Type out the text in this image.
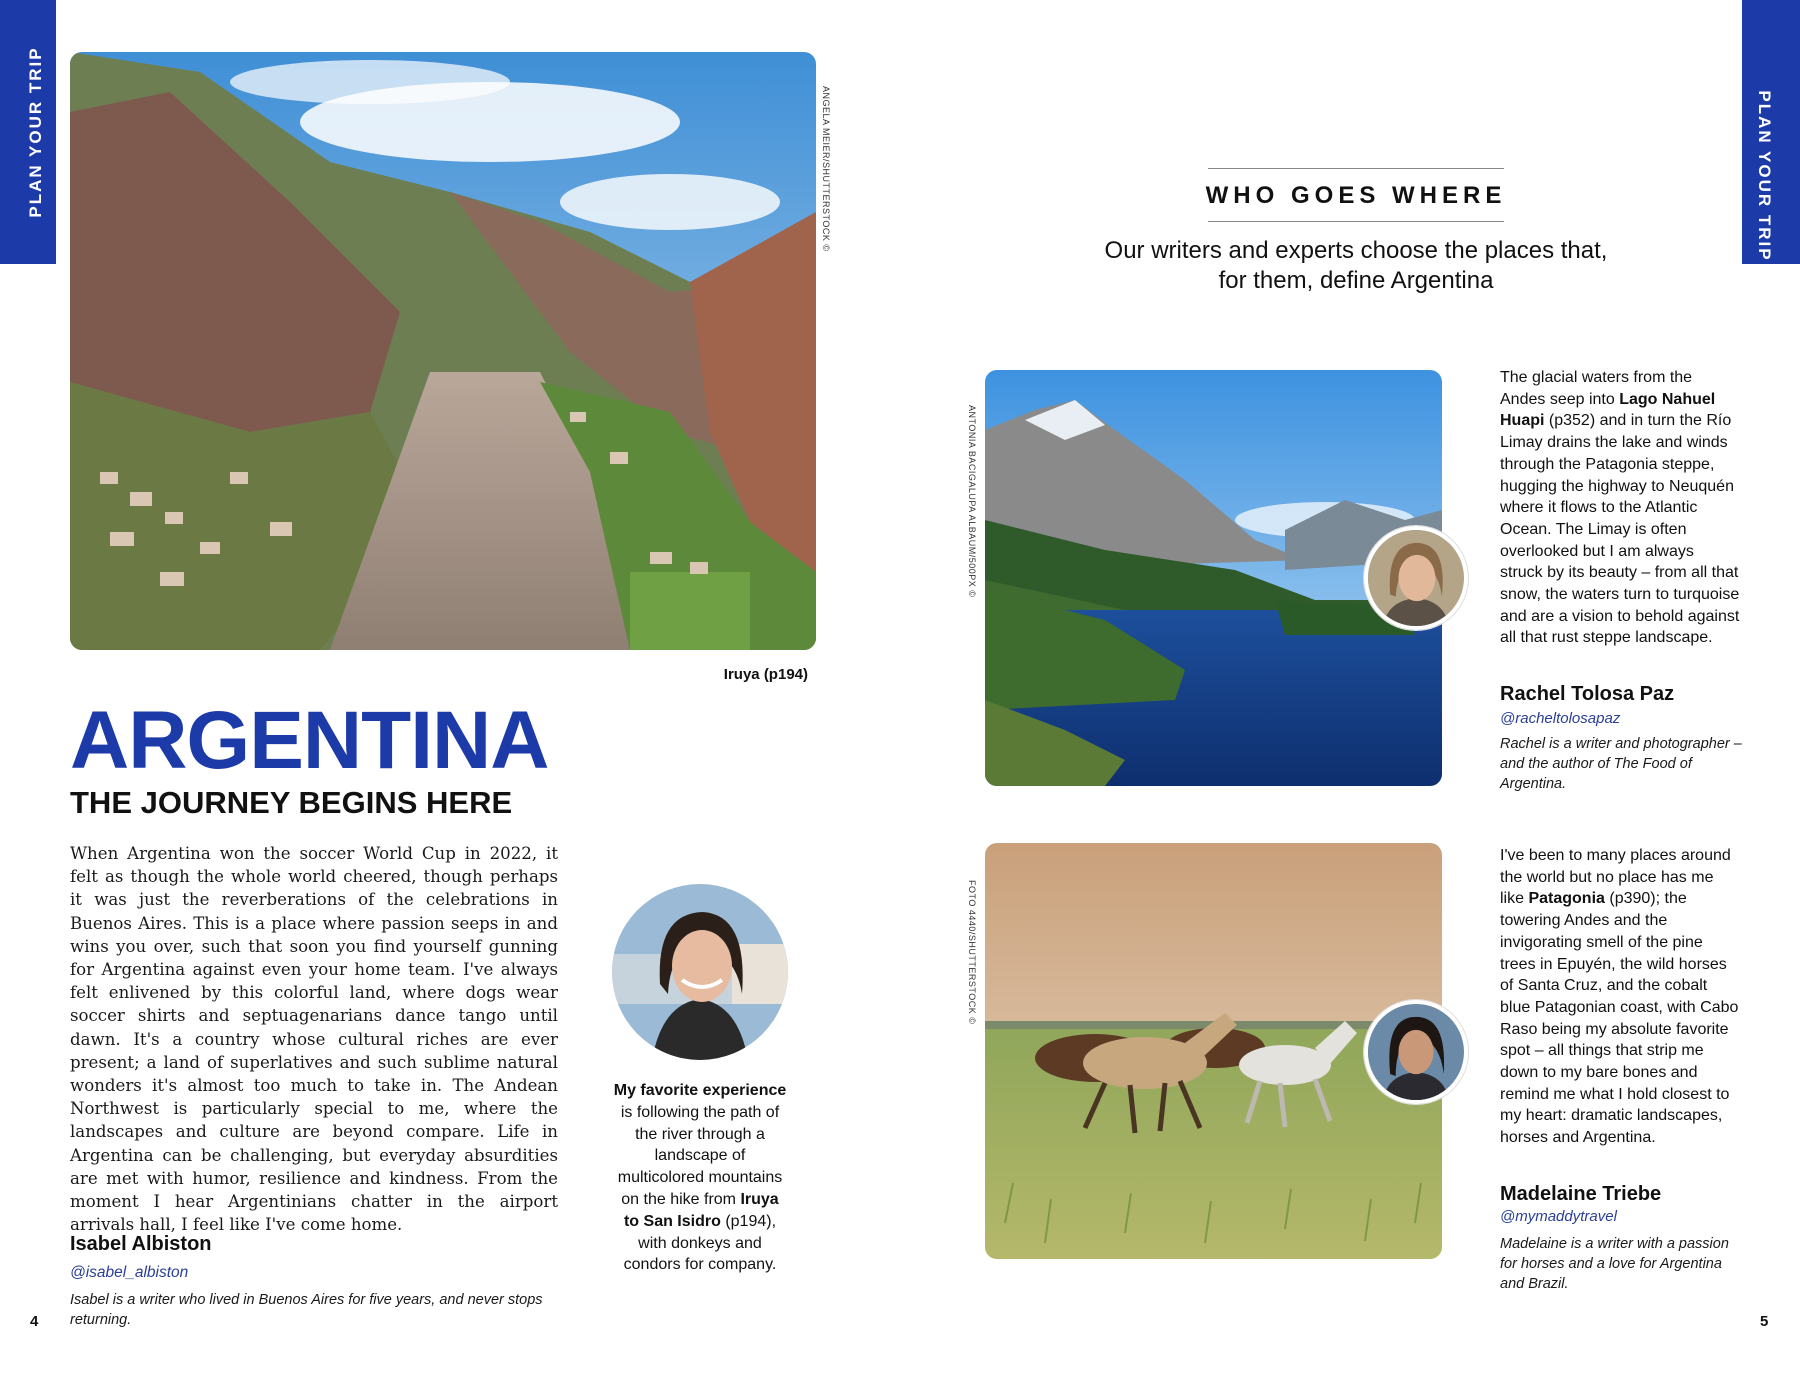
PLAN YOUR TRIP	PLAN YOUR TRIP
ANGELA MEIER/SHUTTERSTOCK ©
Iruya (p194)
ARGENTINA
THE JOURNEY BEGINS HERE
When Argentina won the soccer World Cup in 2022, it felt as though the whole world cheered, though perhaps it was just the reverberations of the celebrations in Buenos Aires. This is a place where passion seeps in and wins you over, such that soon you find yourself gunning for Argentina against even your home team. I've always felt enlivened by this colorful land, where dogs wear soccer shirts and septuagenarians dance tango until dawn. It's a country whose cultural riches are ever present; a land of superlatives and such sublime natural wonders it's almost too much to take in. The Andean Northwest is particularly special to me, where the landscapes and culture are beyond compare. Life in Argentina can be challenging, but everyday absurdities are met with humor, resilience and kindness. From the moment I hear Argentinians chatter in the airport arrivals hall, I feel like I've come home.
Isabel Albiston
@isabel_albiston
Isabel is a writer who lived in Buenos Aires for five years, and never stops returning.
My favorite experience is following the path of the river through a landscape of multicolored mountains on the hike from Iruya to San Isidro (p194), with donkeys and condors for company.
4
WHO GOES WHERE
Our writers and experts choose the places that, for them, define Argentina
ANTONIA BACIGALUPA ALBAUM/500PX ©
The glacial waters from the Andes seep into Lago Nahuel Huapi (p352) and in turn the Río Limay drains the lake and winds through the Patagonia steppe, hugging the highway to Neuquén where it flows to the Atlantic Ocean. The Limay is often overlooked but I am always struck by its beauty – from all that snow, the waters turn to turquoise and are a vision to behold against all that rust steppe landscape.
Rachel Tolosa Paz
@racheltolosapaz
Rachel is a writer and photographer – and the author of The Food of Argentina.
FOTO 4440/SHUTTERSTOCK ©
I've been to many places around the world but no place has me like Patagonia (p390); the towering Andes and the invigorating smell of the pine trees in Epuyén, the wild horses of Santa Cruz, and the cobalt blue Patagonian coast, with Cabo Raso being my absolute favorite spot – all things that strip me down to my bare bones and remind me what I hold closest to my heart: dramatic landscapes, horses and Argentina.
Madelaine Triebe
@mymaddytravel
Madelaine is a writer with a passion for horses and a love for Argentina and Brazil.
5
